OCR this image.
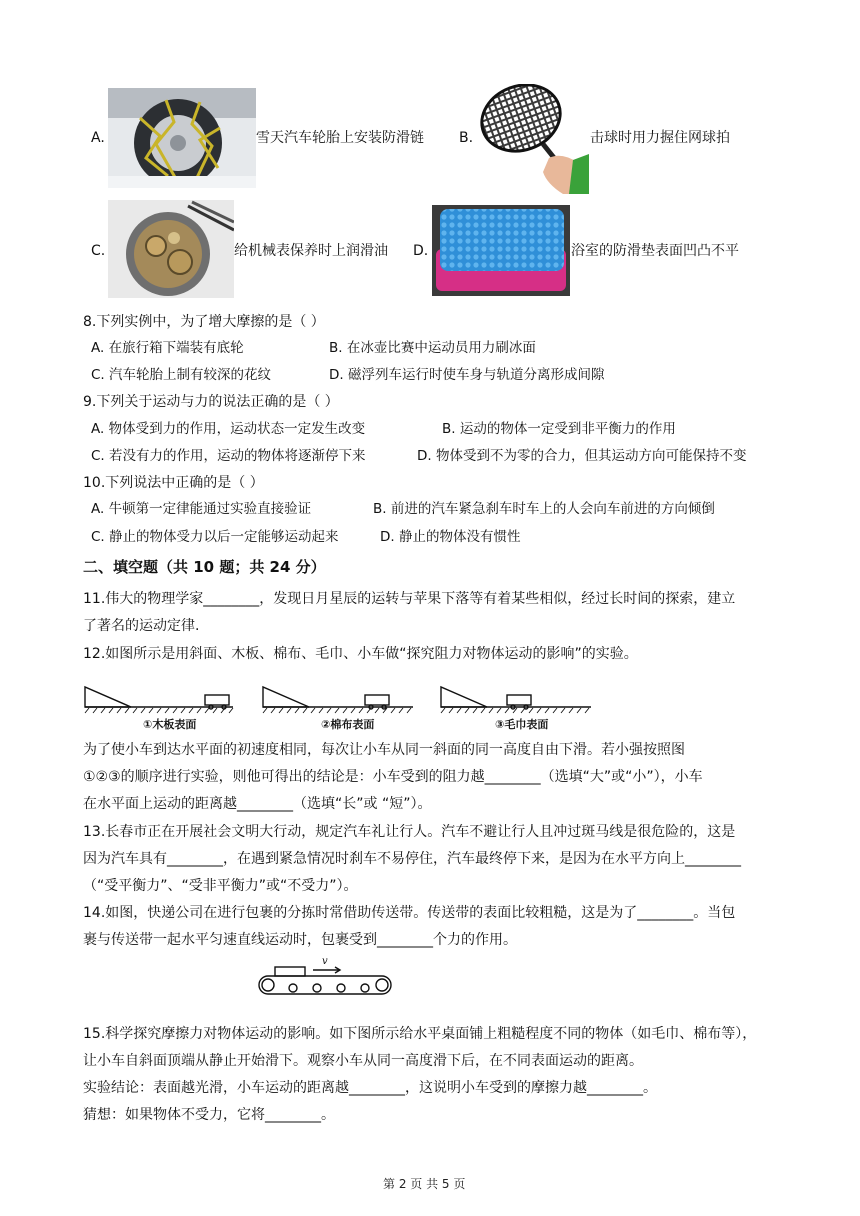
A.	雪天汽车轮胎上安装防滑链	B.	击球时用力握住网球拍
C.	给机械表保养时上润滑油 D.	浴室的防滑垫表面凹凸不平
8.下列实例中，为了增大摩擦的是（ ）
A. 在旅行箱下端装有底轮	B. 在冰壶比赛中运动员用力刷冰面
C. 汽车轮胎上制有较深的花纹	D. 磁浮列车运行时使车身与轨道分离形成间隙
9.下列关于运动与力的说法正确的是（ ）
A. 物体受到力的作用，运动状态一定发生改变	B. 运动的物体一定受到非平衡力的作用
C. 若没有力的作用，运动的物体将逐渐停下来	D. 物体受到不为零的合力，但其运动方向可能保持不变
10.下列说法中正确的是（ ）
A. 牛顿第一定律能通过实验直接验证	B. 前进的汽车紧急刹车时车上的人会向车前进的方向倾倒
C. 静止的物体受力以后一定能够运动起来	D. 静止的物体没有惯性
二、填空题（共 10 题；共 24 分）
11.伟大的物理学家________，发现日月星辰的运转与苹果下落等有着某些相似，经过长时间的探索，建立
了著名的运动定律.
12.如图所示是用斜面、木板、棉布、毛巾、小车做“探究阻力对物体运动的影响”的实验。
①木板表面	②棉布表面	③毛巾表面
为了使小车到达水平面的初速度相同，每次让小车从同一斜面的同一高度自由下滑。若小强按照图
①②③的顺序进行实验，则他可得出的结论是：小车受到的阻力越________（选填“大”或“小”），小车
在水平面上运动的距离越________（选填“长”或 “短”）。
13.长春市正在开展社会文明大行动，规定汽车礼让行人。汽车不避让行人且冲过斑马线是很危险的，这是
因为汽车具有________，在遇到紧急情况时刹车不易停住，汽车最终停下来，是因为在水平方向上________
（“受平衡力”、“受非平衡力”或“不受力”）。
14.如图，快递公司在进行包裹的分拣时常借助传送带。传送带的表面比较粗糙，这是为了________。当包
裹与传送带一起水平匀速直线运动时，包裹受到________个力的作用。
v
15.科学探究摩擦力对物体运动的影响。如下图所示给水平桌面铺上粗糙程度不同的物体（如毛巾、棉布等），
让小车自斜面顶端从静止开始滑下。观察小车从同一高度滑下后，在不同表面运动的距离。
实验结论：表面越光滑，小车运动的距离越________，这说明小车受到的摩擦力越________。
猜想：如果物体不受力，它将________。
第 2 页 共 5 页
